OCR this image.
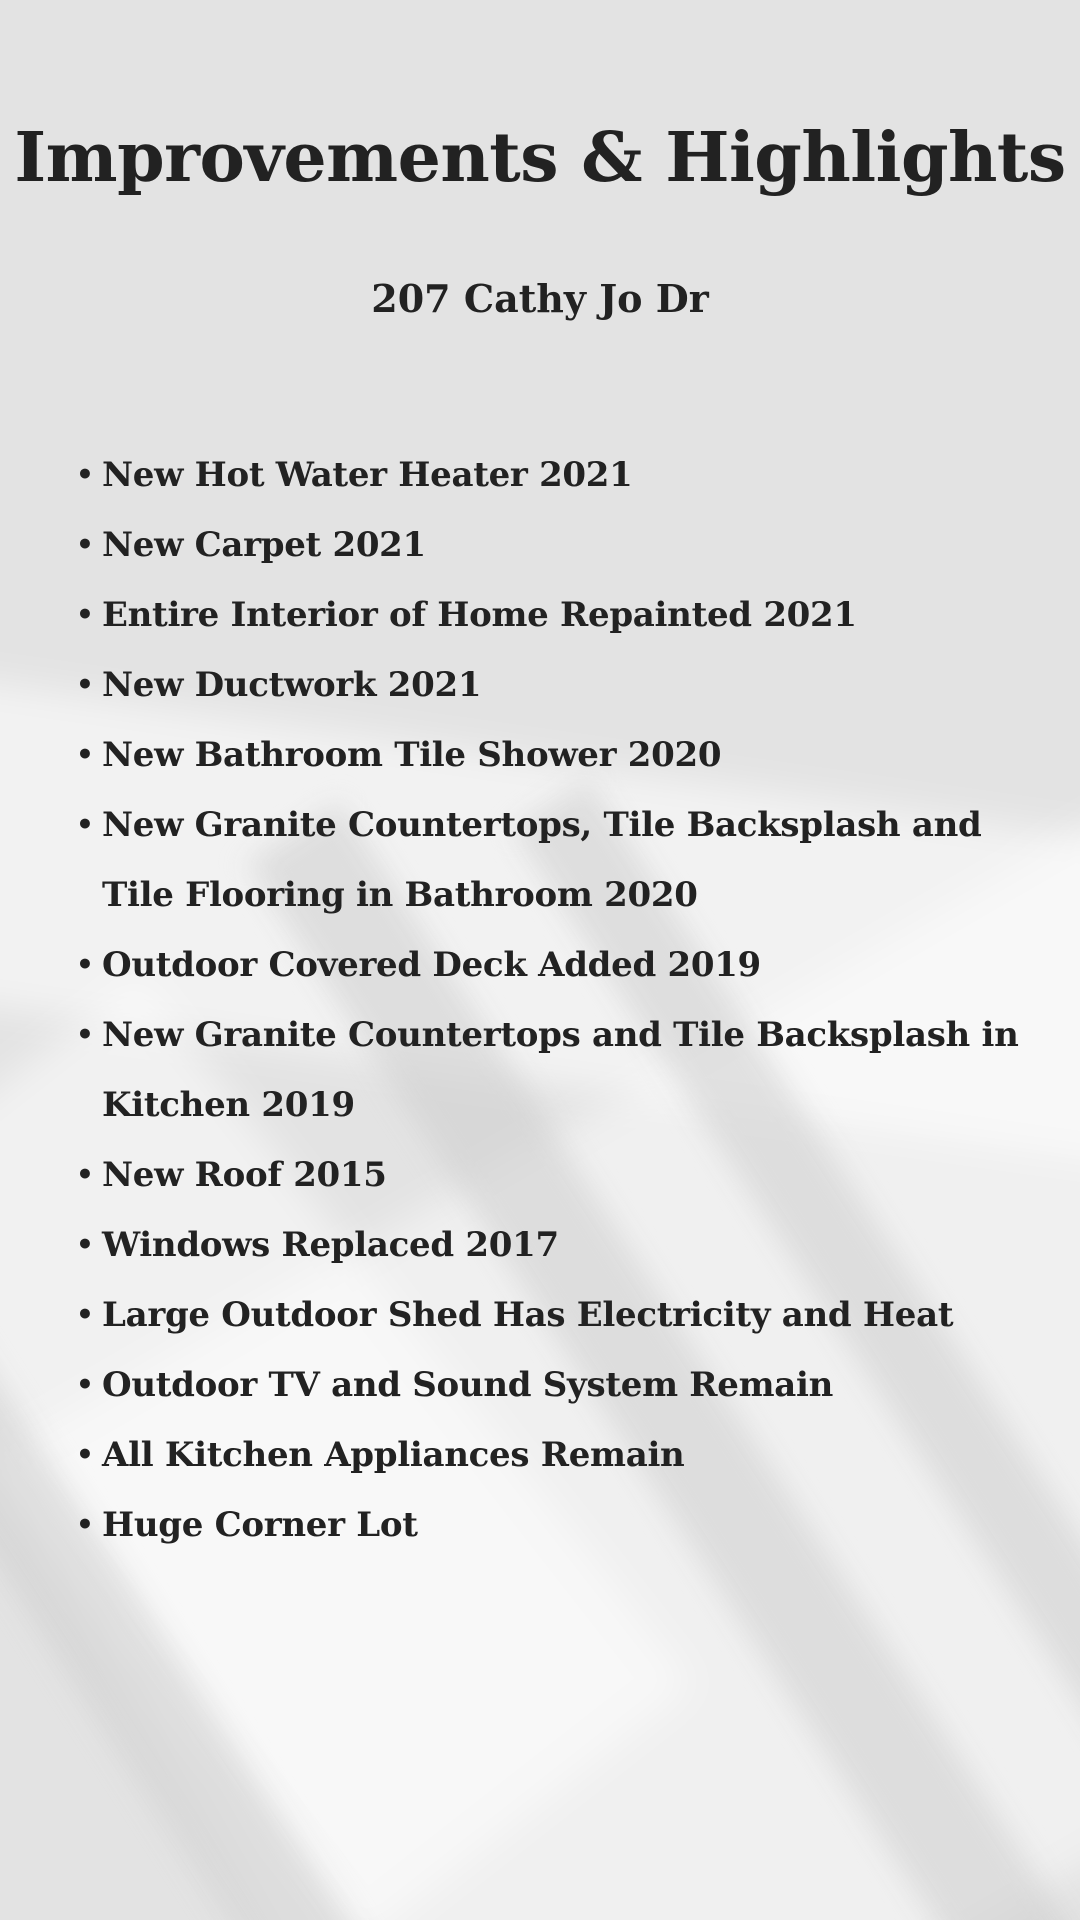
Improvements & Highlights
207 Cathy Jo Dr
• New Hot Water Heater 2021
• New Carpet 2021
• Entire Interior of Home Repainted 2021
• New Ductwork 2021
• New Bathroom Tile Shower 2020
• New Granite Countertops, Tile Backsplash and Tile Flooring in Bathroom 2020
• Outdoor Covered Deck Added 2019
• New Granite Countertops and Tile Backsplash in Kitchen 2019
• New Roof 2015
• Windows Replaced 2017
• Large Outdoor Shed Has Electricity and Heat
• Outdoor TV and Sound System Remain
• All Kitchen Appliances Remain
• Huge Corner Lot
